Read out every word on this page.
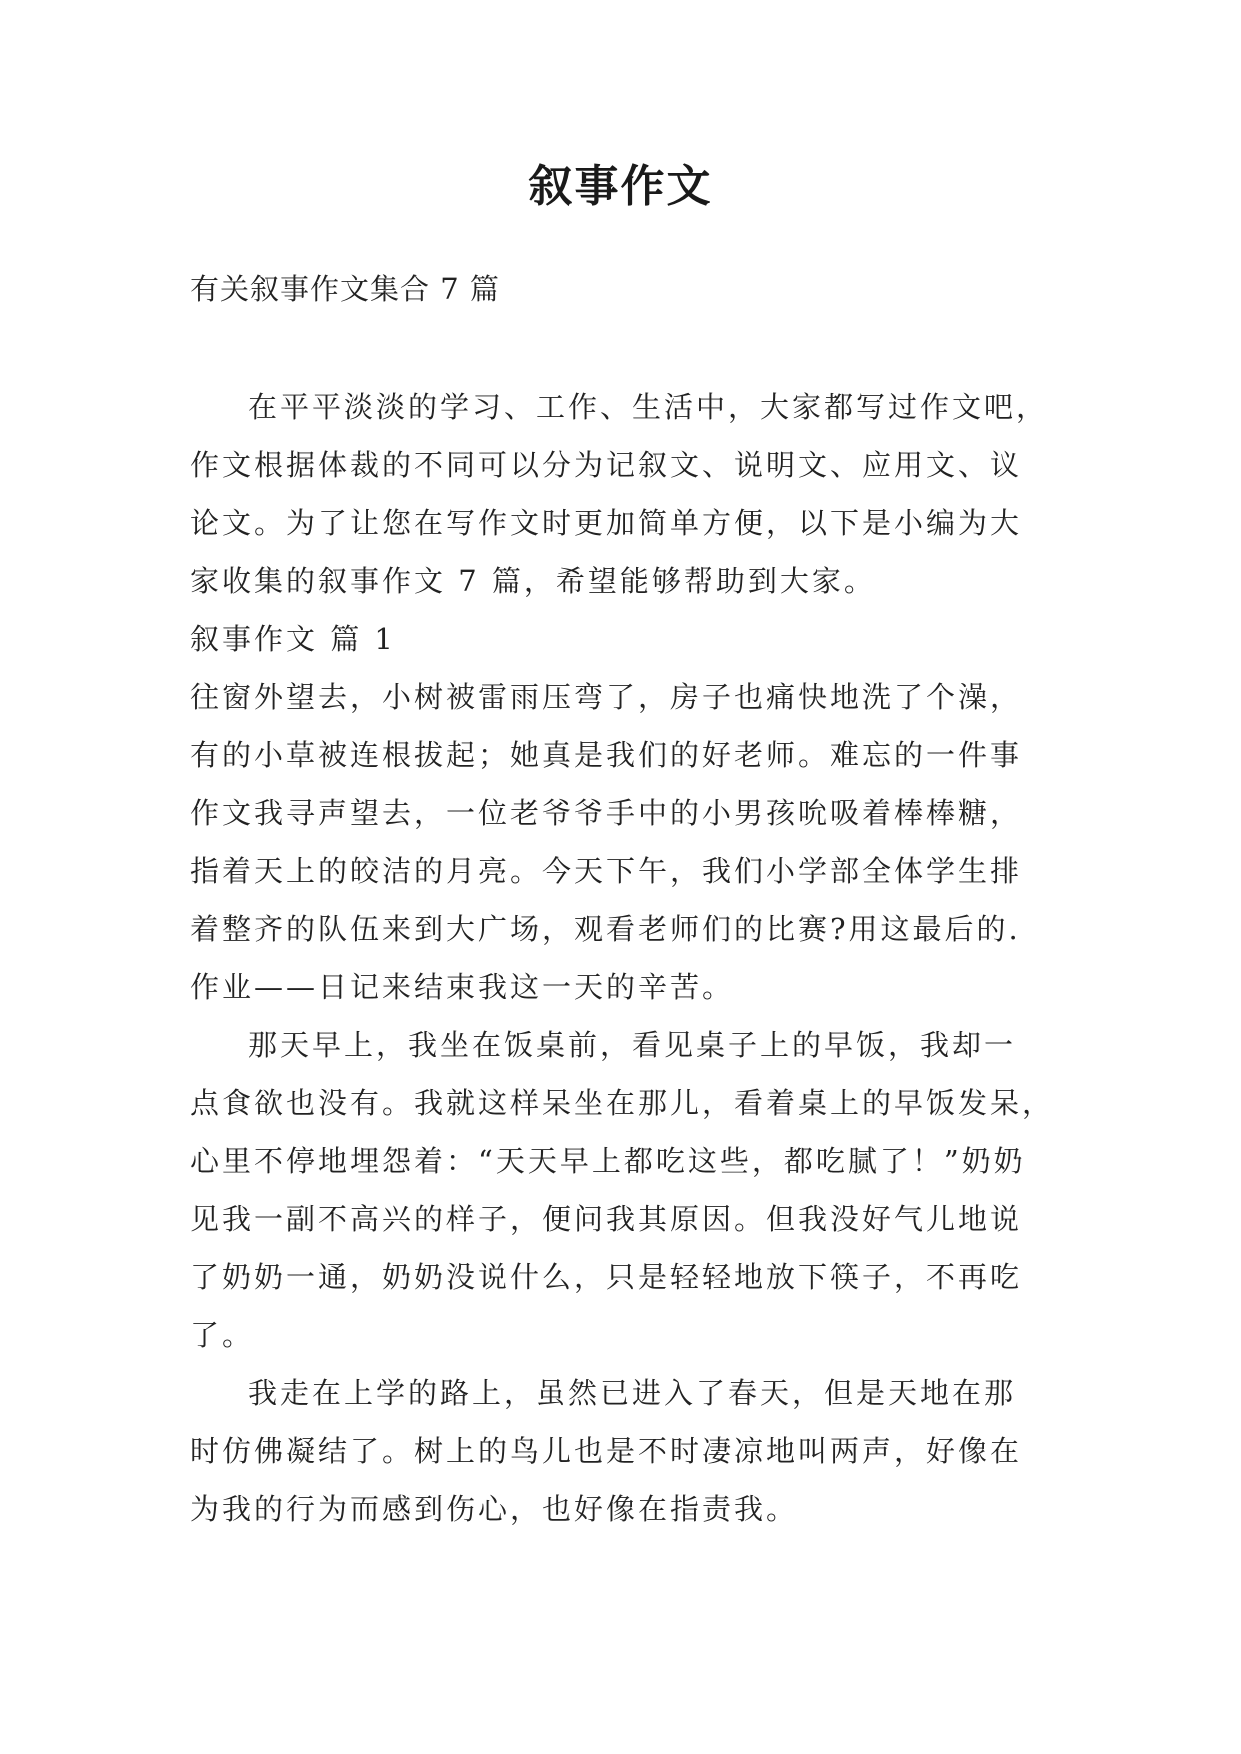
叙事作文
有关叙事作文集合 7 篇
在平平淡淡的学习、工作、生活中，大家都写过作文吧，
作文根据体裁的不同可以分为记叙文、说明文、应用文、议
论文。为了让您在写作文时更加简单方便，以下是小编为大
家收集的叙事作文 7 篇，希望能够帮助到大家。
叙事作文 篇 1
往窗外望去，小树被雷雨压弯了，房子也痛快地洗了个澡，
有的小草被连根拔起；她真是我们的好老师。难忘的一件事
作文我寻声望去，一位老爷爷手中的小男孩吮吸着棒棒糖，
指着天上的皎洁的月亮。今天下午，我们小学部全体学生排
着整齐的队伍来到大广场，观看老师们的比赛?用这最后的.
作业——日记来结束我这一天的辛苦。
那天早上，我坐在饭桌前，看见桌子上的早饭，我却一
点食欲也没有。我就这样呆坐在那儿，看着桌上的早饭发呆，
心里不停地埋怨着：“天天早上都吃这些，都吃腻了！”奶奶
见我一副不高兴的样子，便问我其原因。但我没好气儿地说
了奶奶一通，奶奶没说什么，只是轻轻地放下筷子，不再吃
了。
我走在上学的路上，虽然已进入了春天，但是天地在那
时仿佛凝结了。树上的鸟儿也是不时凄凉地叫两声，好像在
为我的行为而感到伤心，也好像在指责我。
